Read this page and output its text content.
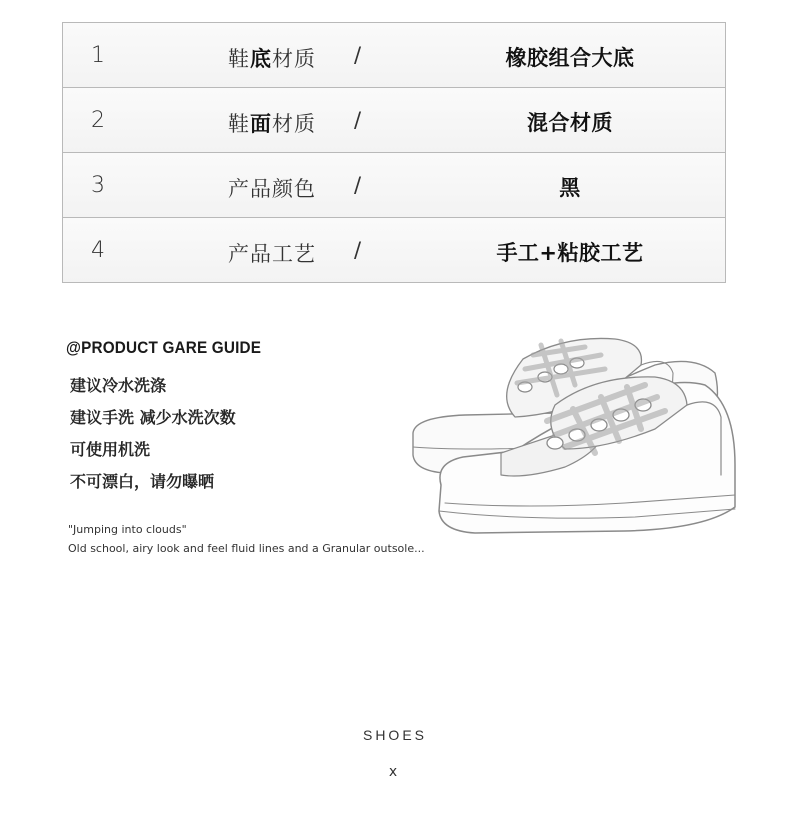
1	鞋底材质 /	橡胶组合大底
2	鞋面材质 /	混合材质
3	产品颜色 /	黑
4	产品工艺 /	手工+粘胶工艺
@PRODUCT GARE GUIDE
建议冷水洗涤
建议手洗 减少水洗次数
可使用机洗
不可漂白，请勿曝晒
"Jumping into clouds"
Old school, airy look and feel fluid lines and a Granular outsole...
SHOES
x
